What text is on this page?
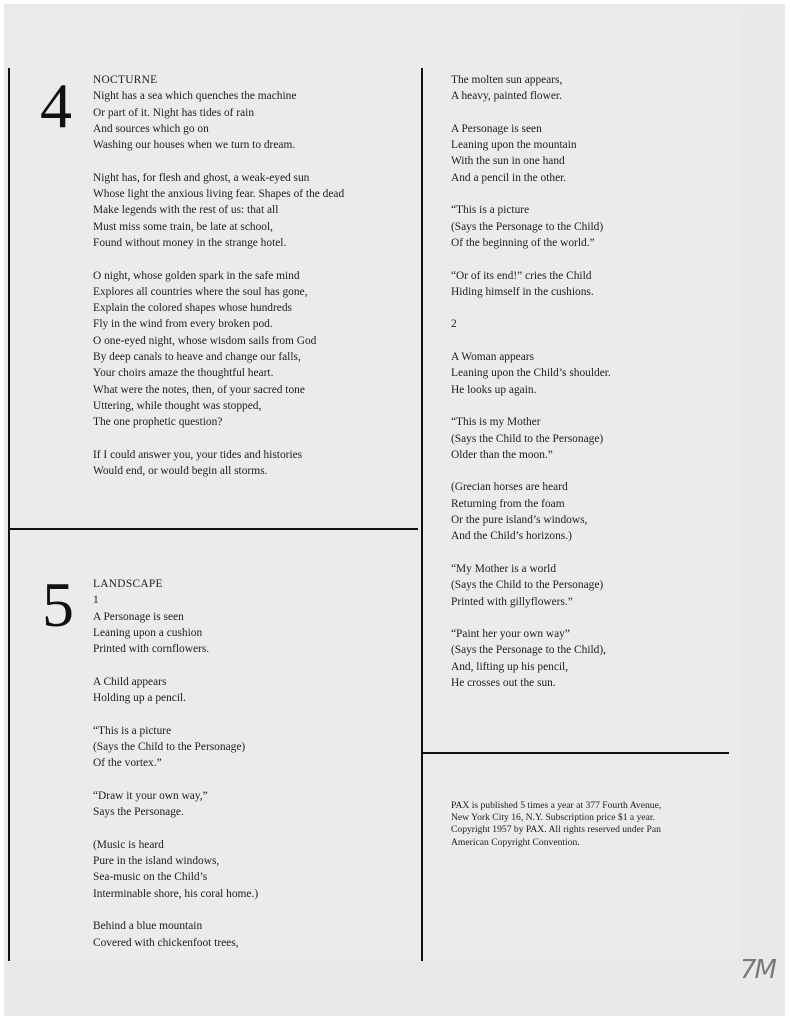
4 NOCTURNE
Night has a sea which quenches the machine
Or part of it. Night has tides of rain
And sources which go on
Washing our houses when we turn to dream.
Night has, for flesh and ghost, a weak-eyed sun
Whose light the anxious living fear. Shapes of the dead
Make legends with the rest of us: that all
Must miss some train, be late at school,
Found without money in the strange hotel.
O night, whose golden spark in the safe mind
Explores all countries where the soul has gone,
Explain the colored shapes whose hundreds
Fly in the wind from every broken pod.
O one-eyed night, whose wisdom sails from God
By deep canals to heave and change our falls,
Your choirs amaze the thoughtful heart.
What were the notes, then, of your sacred tone
Uttering, while thought was stopped,
The one prophetic question?
If I could answer you, your tides and histories
Would end, or would begin all storms.
5 LANDSCAPE
1
A Personage is seen
Leaning upon a cushion
Printed with cornflowers.
A Child appears
Holding up a pencil.
“This is a picture
(Says the Child to the Personage)
Of the vortex.”
“Draw it your own way,”
Says the Personage.
(Music is heard
Pure in the island windows,
Sea-music on the Child’s
Interminable shore, his coral home.)
Behind a blue mountain
Covered with chickenfoot trees,
The molten sun appears,
A heavy, painted flower.
A Personage is seen
Leaning upon the mountain
With the sun in one hand
And a pencil in the other.
“This is a picture
(Says the Personage to the Child)
Of the beginning of the world.”
“Or of its end!” cries the Child
Hiding himself in the cushions.
2
A Woman appears
Leaning upon the Child’s shoulder.
He looks up again.
“This is my Mother
(Says the Child to the Personage)
Older than the moon.”
(Grecian horses are heard
Returning from the foam
Or the pure island’s windows,
And the Child’s horizons.)
“My Mother is a world
(Says the Child to the Personage)
Printed with gillyflowers.”
“Paint her your own way”
(Says the Personage to the Child),
And, lifting up his pencil,
He crosses out the sun.
PAX is published 5 times a year at 377 Fourth Avenue,
New York City 16, N.Y. Subscription price $1 a year.
Copyright 1957 by PAX. All rights reserved under Pan
American Copyright Convention.
7M
